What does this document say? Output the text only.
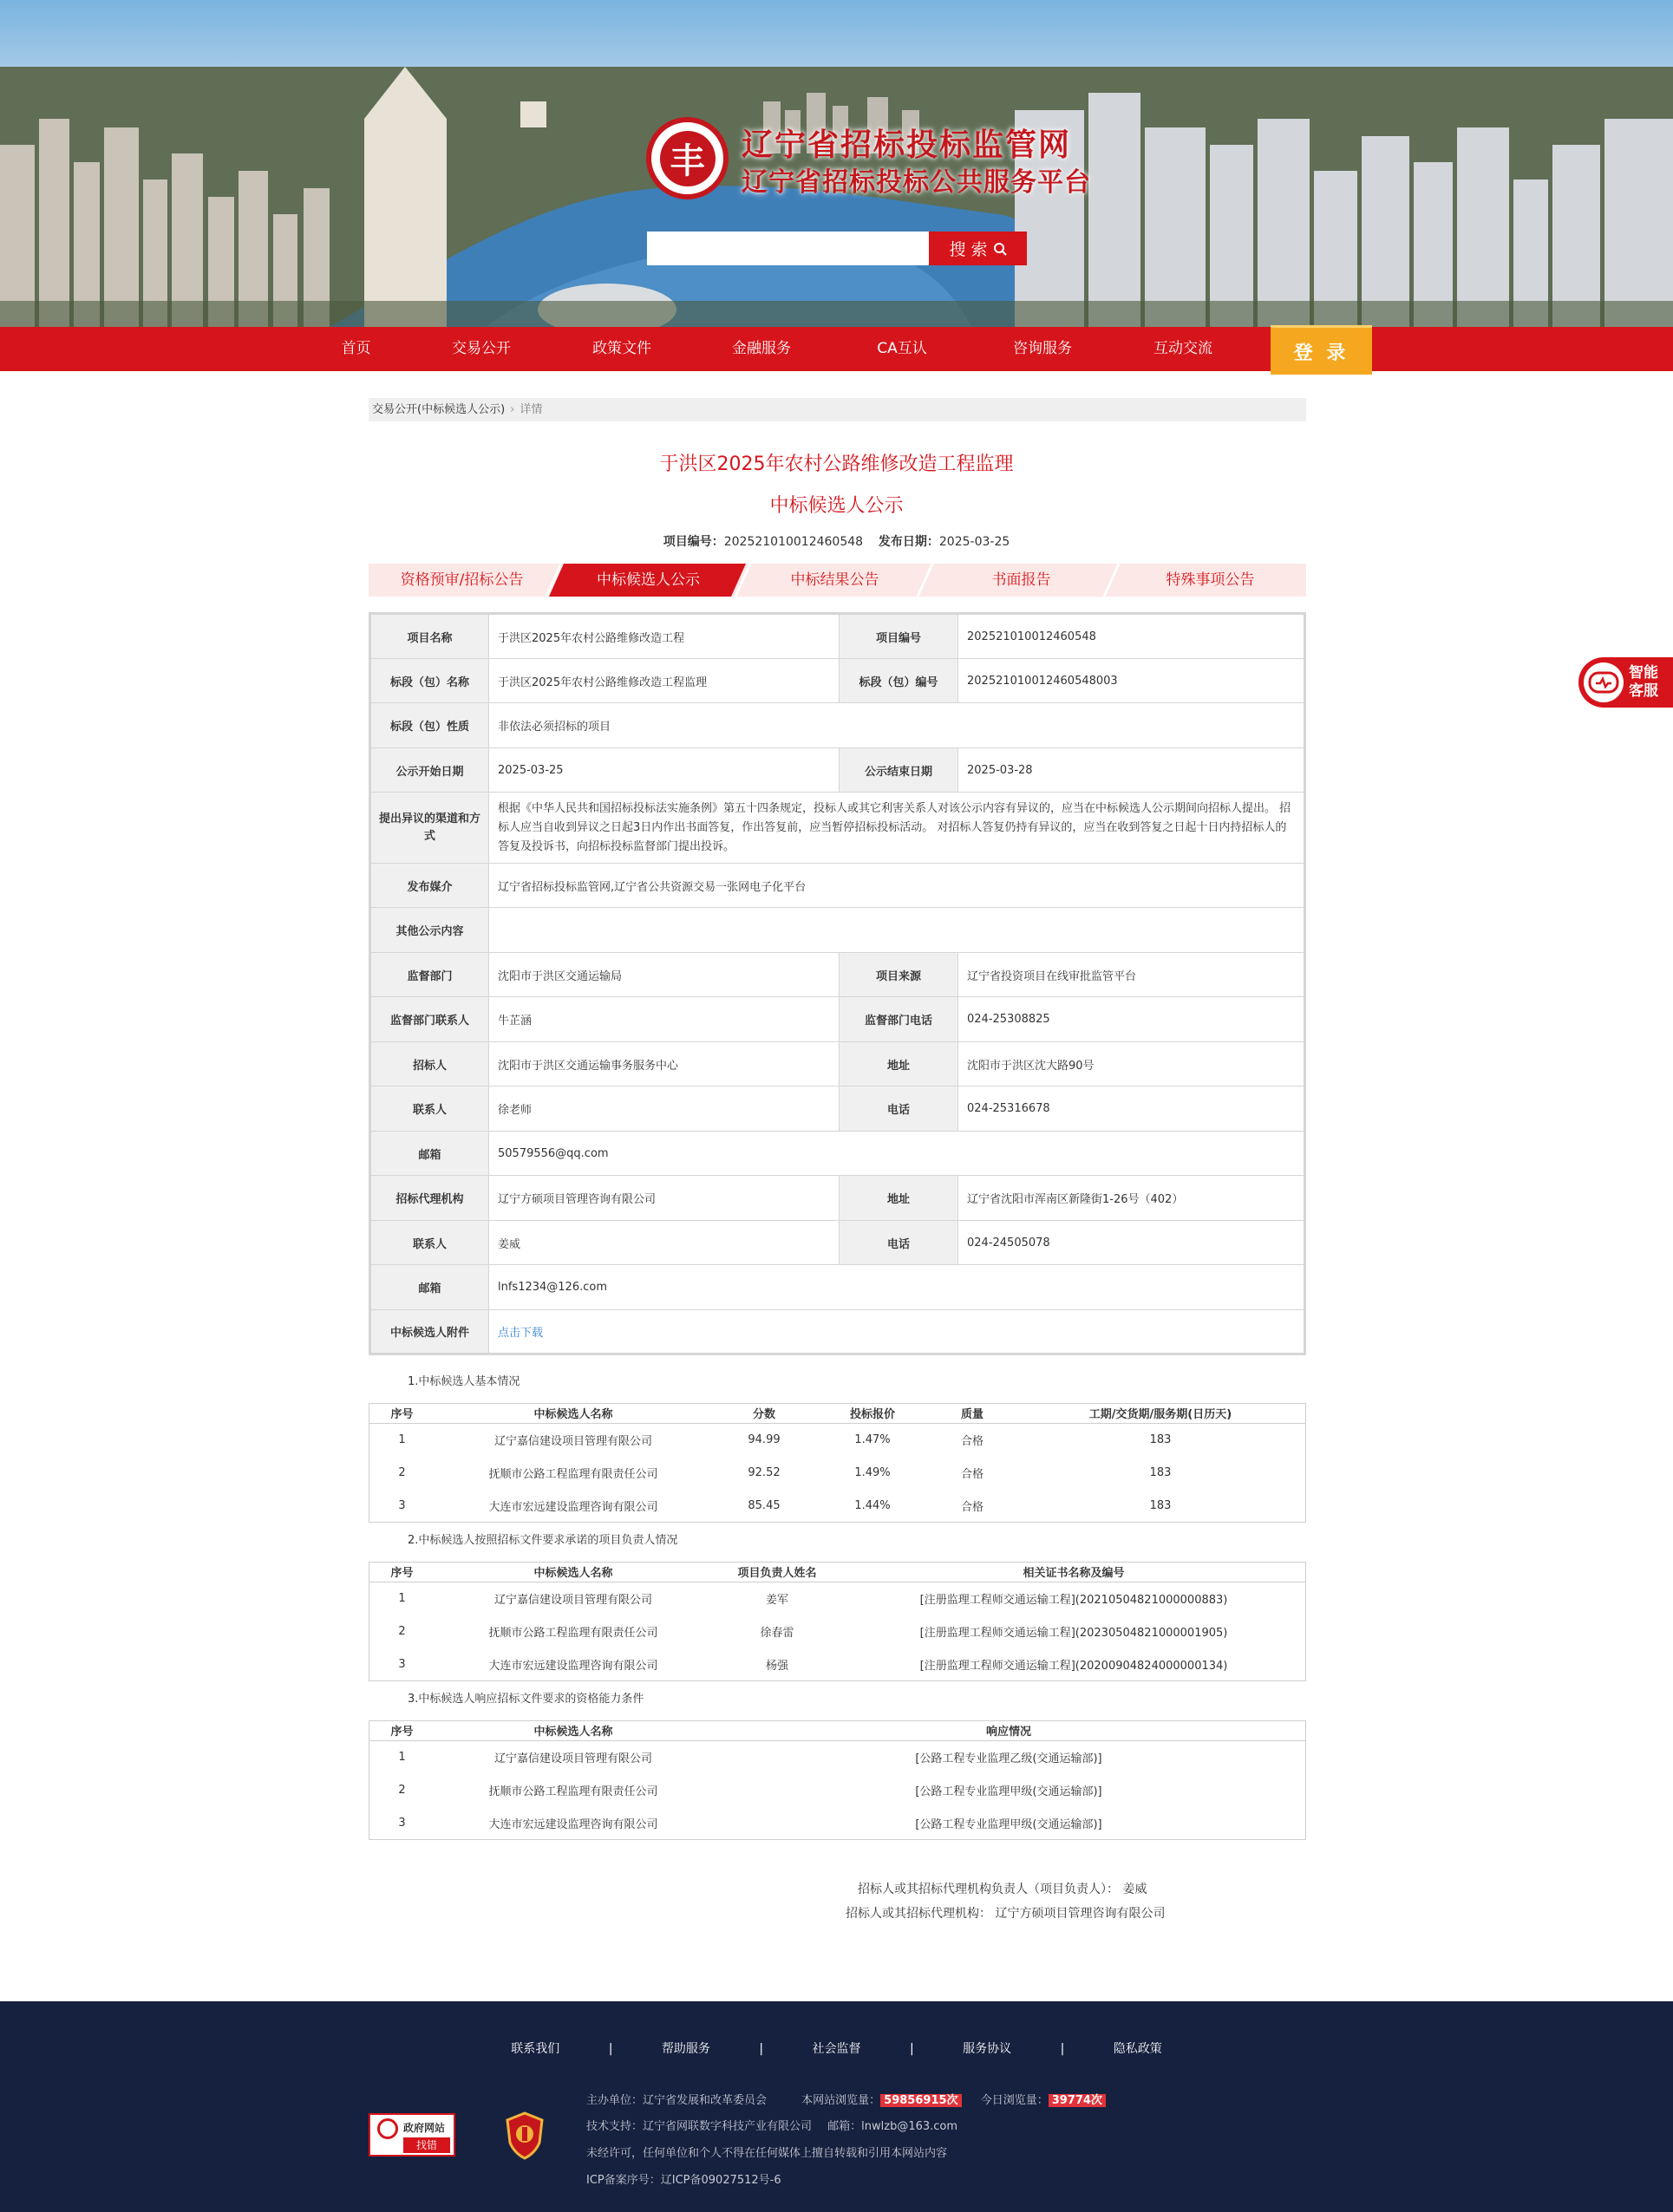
丰	辽宁省招标投标监管网
辽宁省招标投标公共服务平台
搜 索
首页	交易公开	政策文件	金融服务	CA互认	咨询服务	互动交流	登 录
交易公开(中标候选人公示) › 详情
于洪区2025年农村公路维修改造工程监理
中标候选人公示
项目编号：202521010012460548 发布日期：2025-03-25
资格预审/招标公告	中标候选人公示	中标结果公告	书面报告	特殊事项公告
项目名称	于洪区2025年农村公路维修改造工程	项目编号	202521010012460548
标段（包）名称	于洪区2025年农村公路维修改造工程监理	标段（包）编号	202521010012460548003
标段（包）性质	非依法必须招标的项目		
公示开始日期	2025-03-25	公示结束日期	2025-03-28
提出异议的渠道和方式	根据《中华人民共和国招标投标法实施条例》第五十四条规定，投标人或其它利害关系人对该公示内容有异议的，应当在中标候选人公示期间向招标人提出。 招标人应当自收到异议之日起3日内作出书面答复，作出答复前，应当暂停招标投标活动。 对招标人答复仍持有异议的，应当在收到答复之日起十日内持招标人的答复及投诉书，向招标投标监督部门提出投诉。		
发布媒介	辽宁省招标投标监管网,辽宁省公共资源交易一张网电子化平台		
其他公示内容			
监督部门	沈阳市于洪区交通运输局	项目来源	辽宁省投资项目在线审批监管平台
监督部门联系人	牛芷涵	监督部门电话	024-25308825
招标人	沈阳市于洪区交通运输事务服务中心	地址	沈阳市于洪区沈大路90号
联系人	徐老师	电话	024-25316678
邮箱	50579556@qq.com		
招标代理机构	辽宁方硕项目管理咨询有限公司	地址	辽宁省沈阳市浑南区新隆街1-26号（402）
联系人	姜威	电话	024-24505078
邮箱	lnfs1234@126.com		
中标候选人附件	点击下载		
1.中标候选人基本情况
序号	中标候选人名称	分数	投标报价	质量	工期/交货期/服务期(日历天)
1	辽宁嘉信建设项目管理有限公司	94.99	1.47%	合格	183
2	抚顺市公路工程监理有限责任公司	92.52	1.49%	合格	183
3	大连市宏远建设监理咨询有限公司	85.45	1.44%	合格	183
2.中标候选人按照招标文件要求承诺的项目负责人情况
序号	中标候选人名称	项目负责人姓名	相关证书名称及编号
1	辽宁嘉信建设项目管理有限公司	姜军	[注册监理工程师交通运输工程](20210504821000000883)
2	抚顺市公路工程监理有限责任公司	徐春雷	[注册监理工程师交通运输工程](20230504821000001905)
3	大连市宏远建设监理咨询有限公司	杨强	[注册监理工程师交通运输工程](20200904824000000134)
3.中标候选人响应招标文件要求的资格能力条件
序号	中标候选人名称	响应情况
1	辽宁嘉信建设项目管理有限公司	[公路工程专业监理乙级(交通运输部)]
2	抚顺市公路工程监理有限责任公司	[公路工程专业监理甲级(交通运输部)]
3	大连市宏远建设监理咨询有限公司	[公路工程专业监理甲级(交通运输部)]
招标人或其招标代理机构负责人（项目负责人）： 姜威
招标人或其招标代理机构： 辽宁方硕项目管理咨询有限公司
智能客服
联系我们	|	帮助服务	|	社会监督	|	服务协议	|	隐私政策
主办单位：辽宁省发展和改革委员会	本网站浏览量： 59856915次 今日浏览量： 39774次
技术支持：辽宁省网联数字科技产业有限公司 邮箱：lnwlzb@163.com
未经许可，任何单位和个人不得在任何媒体上擅自转载和引用本网站内容
ICP备案序号：辽ICP备09027512号-6
政府网站
找错
